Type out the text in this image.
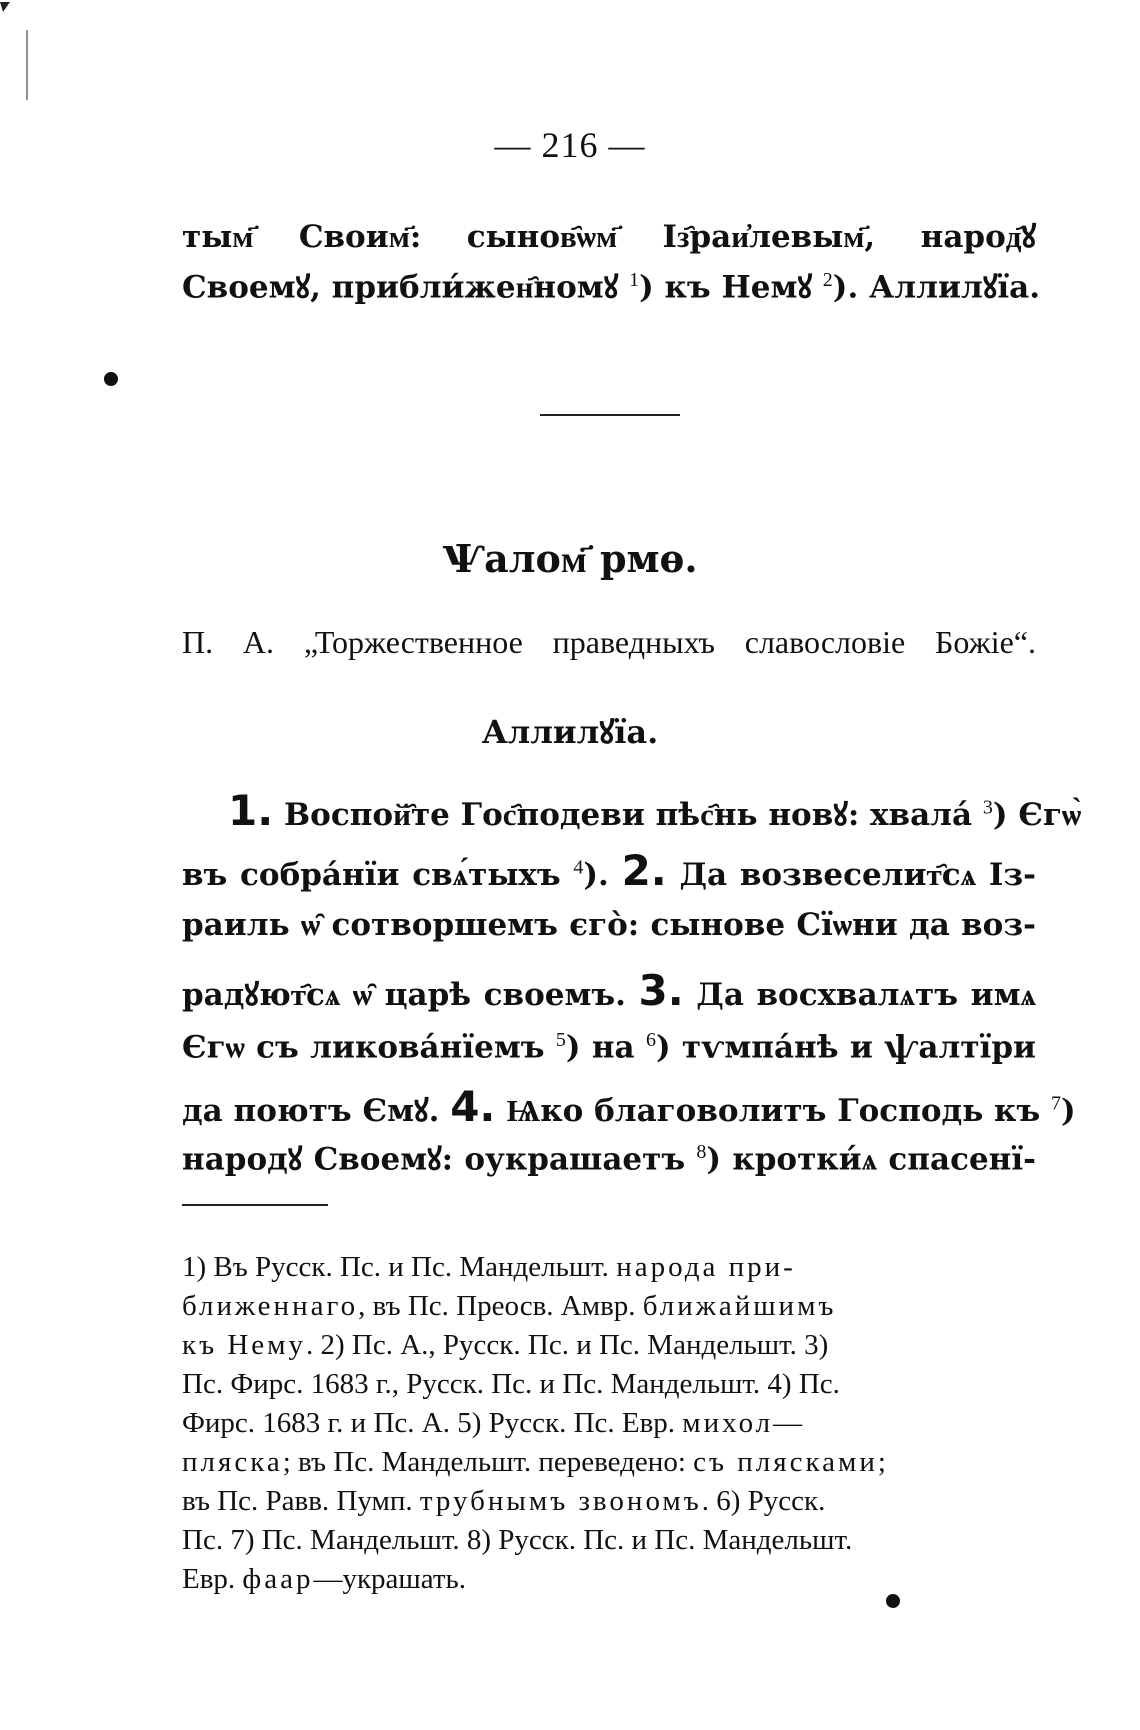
— 216 —
тым҃ Своим҃: сынов҄ѡм҃ Із҄раи҆левым҃, народ҄ꙋ
Своемꙋ, прибли́жен҄номꙋ $^1$) къ Немꙋ $^2$). Аллилꙋїа.
Ѱалом҃ рмѳ.
П. А. „Торжественное праведныхъ славословіе Божіе“.
Аллилꙋїа.
1. Воспой҄те Гос҄подеви пѣс҄нь новꙋ: хвала́ $^3$) Єгѡ̀
въ собра́нїи свѧ́тыхъ $^4$). 2. Да возвеселит҄сѧ Із-
раиль ѡ̑ сотворшемъ єго̀: сынове Сїѡни да воз-
радꙋют҄сѧ ѡ̑ царѣ своемъ. 3. Да восхвалѧтъ имѧ
Єгѡ съ ликова́нїемъ $^5$) на $^6$) тѵмпа́нѣ и ѱалтїри
да поютъ Ємꙋ. 4. Ѩко благоволитъ Господь къ $^7$)
народꙋ Своемꙋ: оукрашаетъ $^8$) кротки́ѧ спасенї-
1) Въ Русск. Пс. и Пс. Мандельшт. народа при-
ближеннаго, въ Пс. Преосв. Амвр. ближайшимъ
къ Нему. 2) Пс. А., Русск. Пс. и Пс. Мандельшт. 3)
Пс. Фирс. 1683 г., Русск. Пс. и Пс. Мандельшт. 4) Пс.
Фирс. 1683 г. и Пс. А. 5) Русск. Пс. Евр. михол—
пляска; въ Пс. Мандельшт. переведено: съ плясками;
въ Пс. Равв. Пумп. трубнымъ звономъ. 6) Русск.
Пс. 7) Пс. Мандельшт. 8) Русск. Пс. и Пс. Мандельшт.
Евр. фаар—украшать.
